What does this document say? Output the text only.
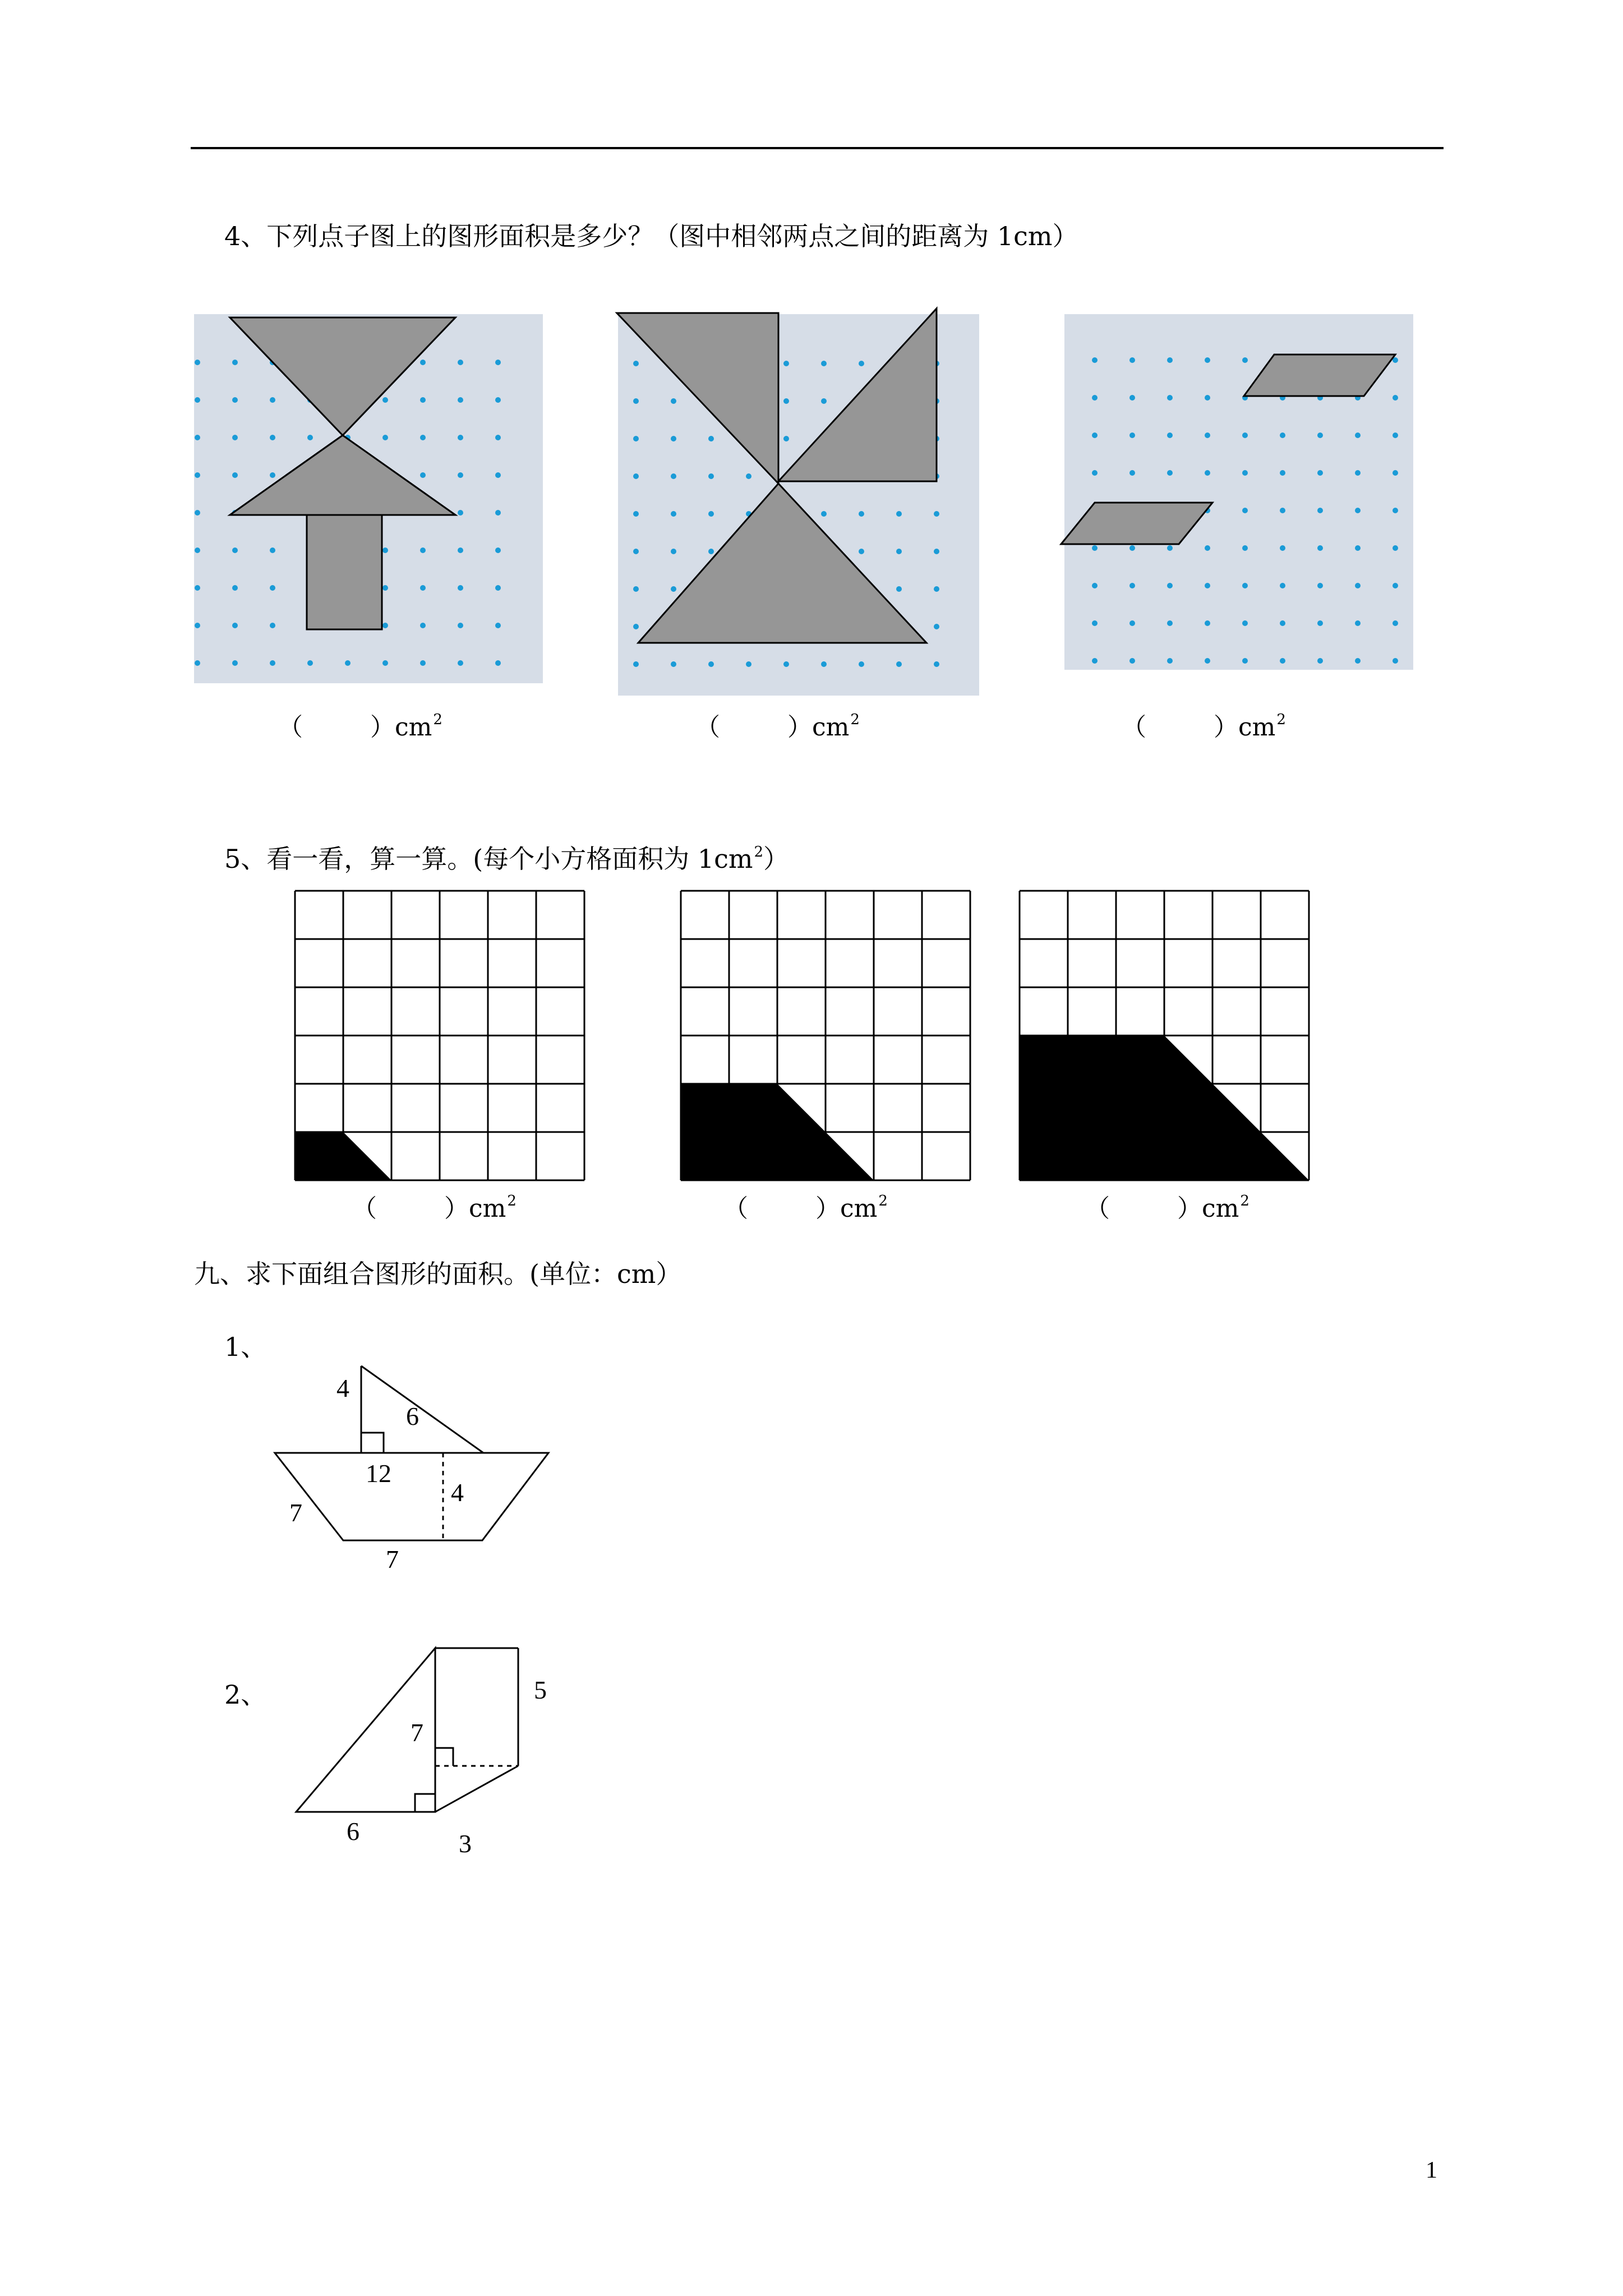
4、下列点子图上的图形面积是多少？（图中相邻两点之间的距离为 1cm）
（	）$cm^2$	（	）$cm^2$	（	）$cm^2$
5、看一看，算一算。(每个小方格面积为 $1cm^2$）
（	）$cm^2$	（	）$cm^2$	（	）$cm^2$
九、求下面组合图形的面积。(单位：cm）
1、
4
6
12
4
7
7
2、	5
7
6	3
1
